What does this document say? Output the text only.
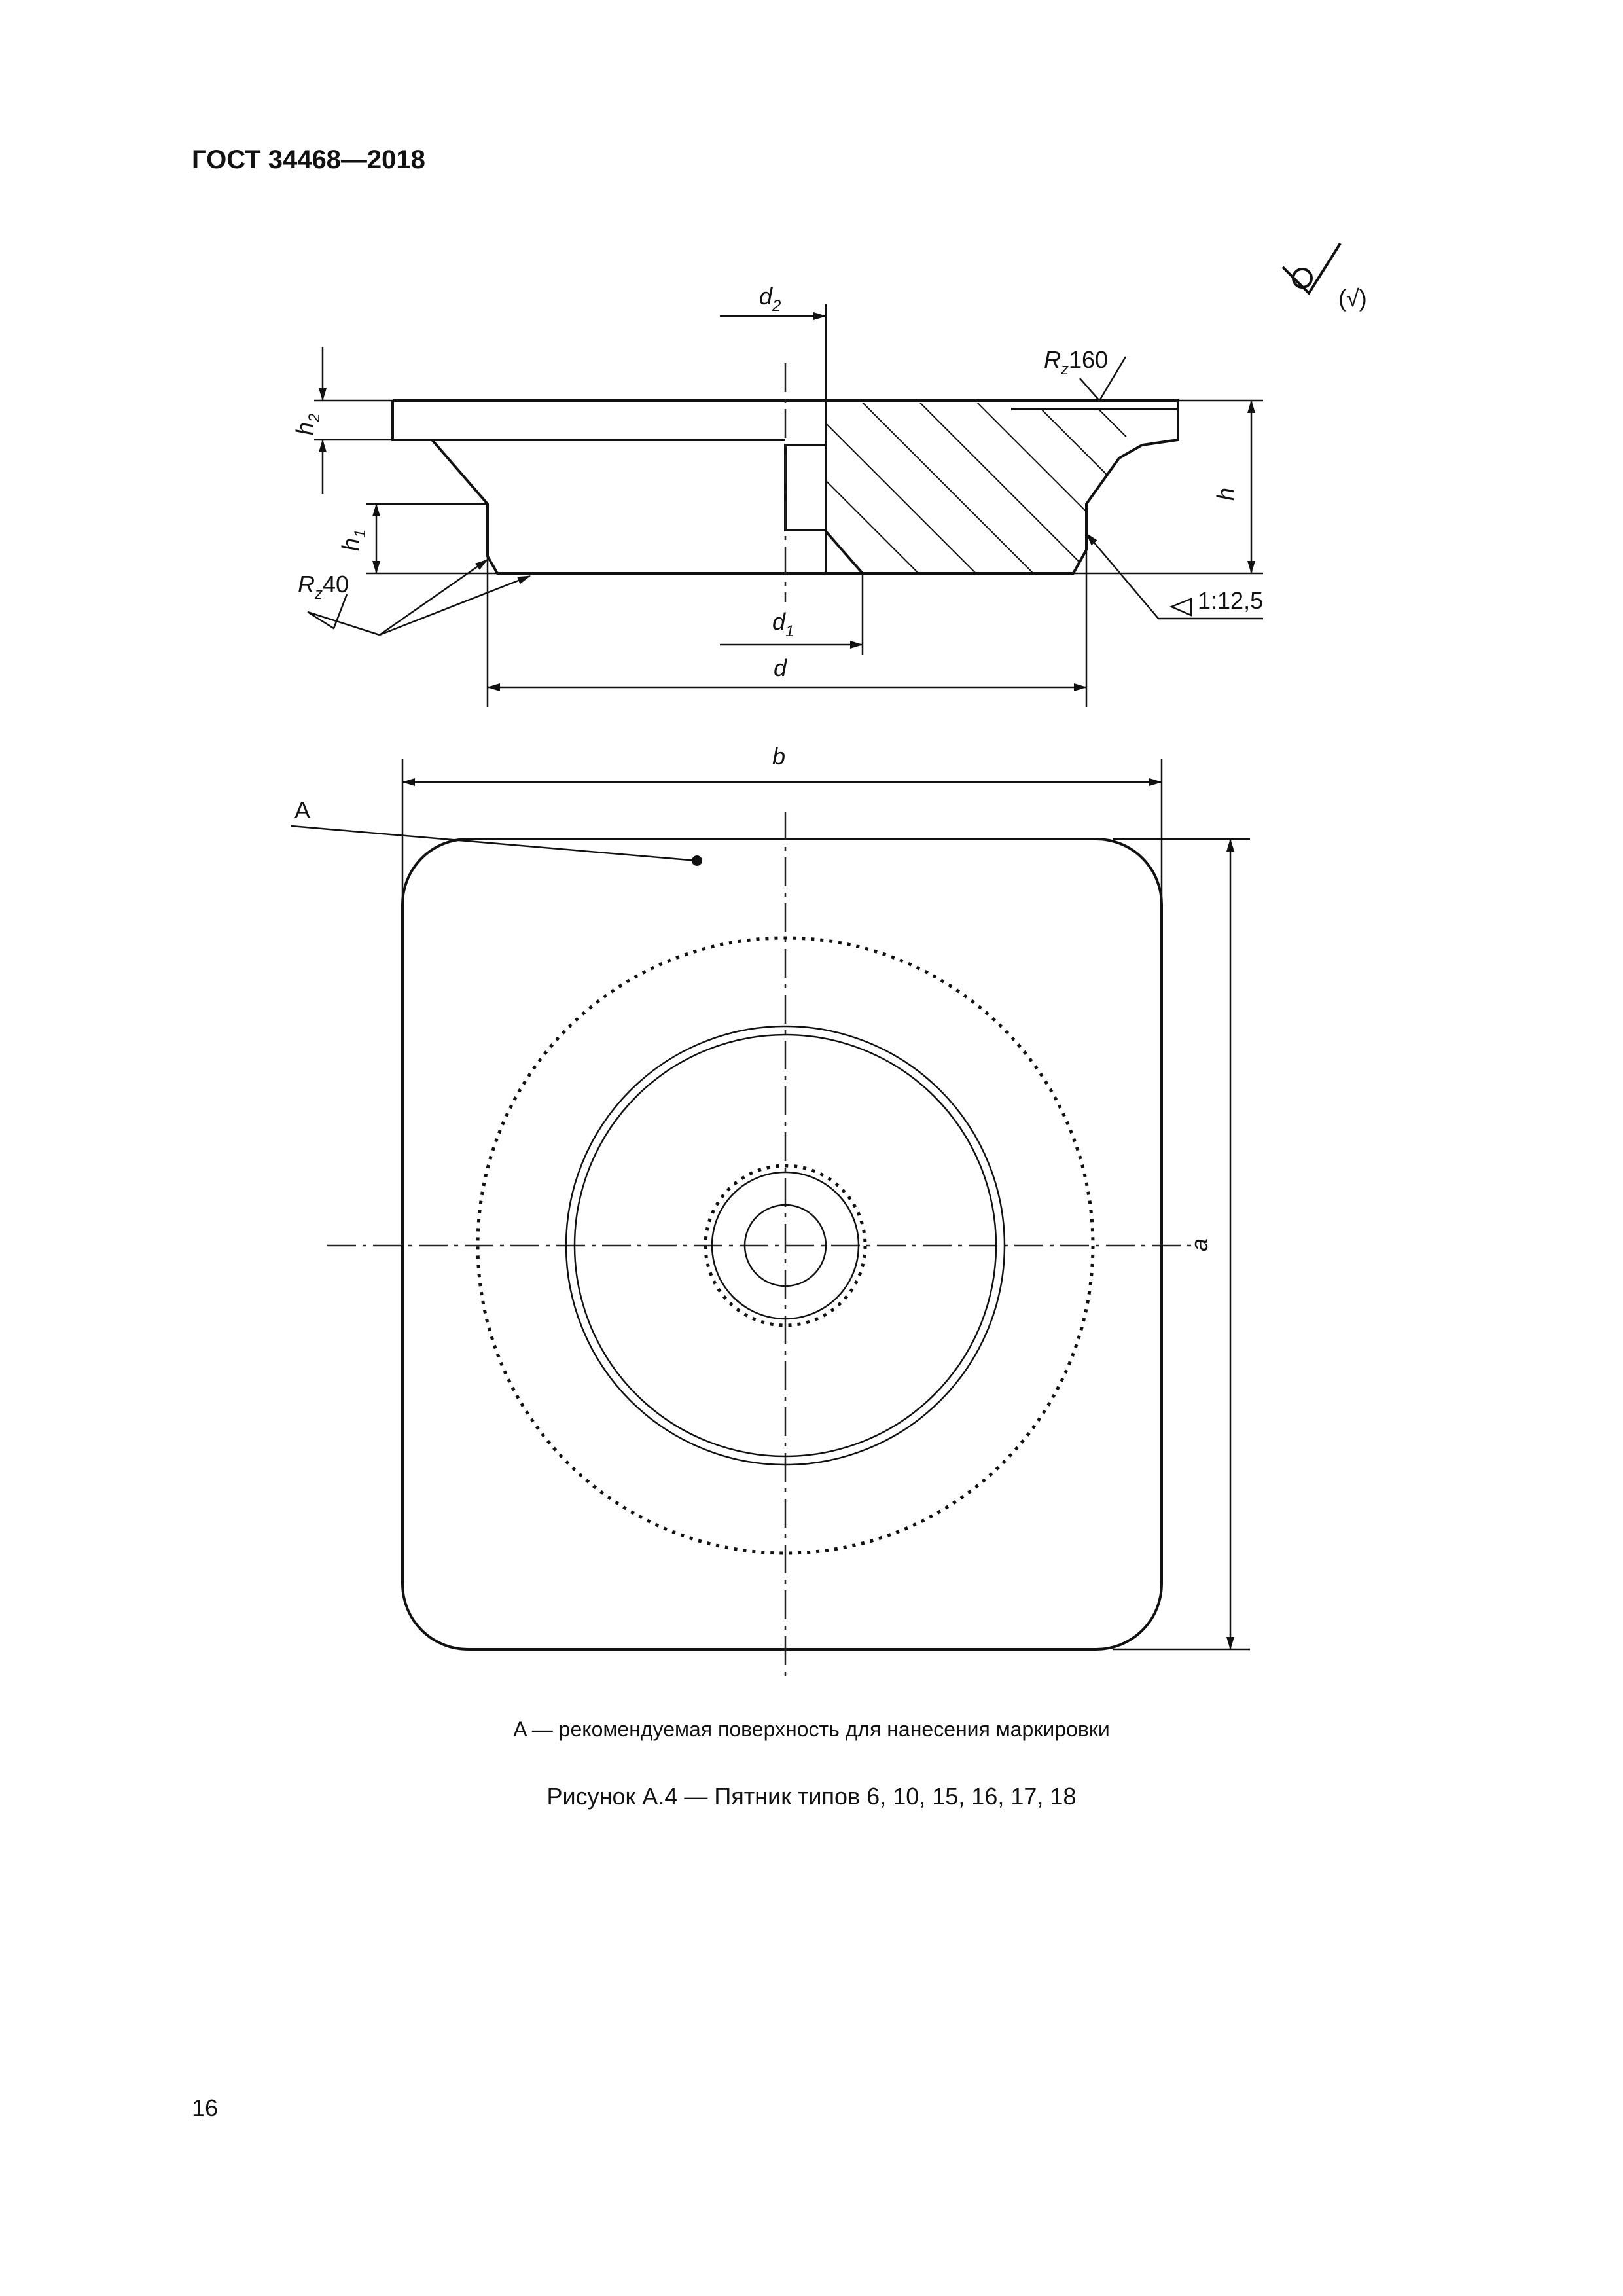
ГОСТ 34468—2018
(√)
$d_2$
$R_z160$
$h_2$
$h_1$
$R_z40$
h
1:12,5
$d_1$
d
b
a
A
A — рекомендуемая поверхность для нанесения маркировки
Рисунок A.4 — Пятник типов 6, 10, 15, 16, 17, 18
16
